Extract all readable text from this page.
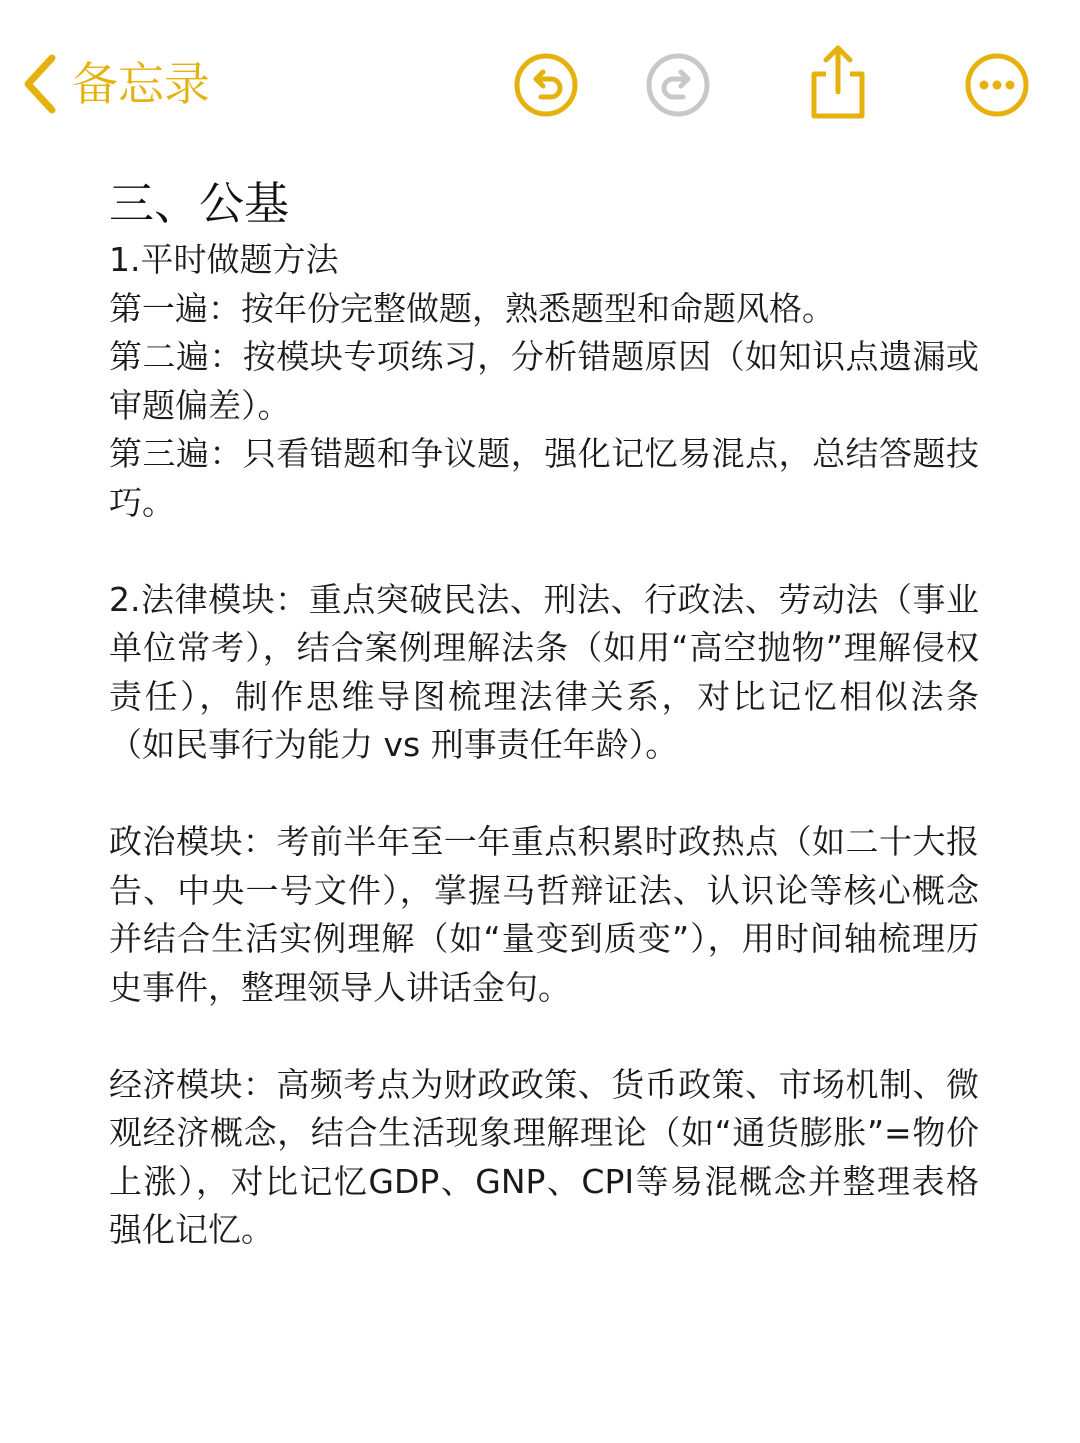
备忘录
三、公基

1.平时做题方法

第一遍：按年份完整做题，熟悉题型和命题风格。

第二遍：按模块专项练习，分析错题原因（如知识点遗漏或审题偏差）。

第三遍：只看错题和争议题，强化记忆易混点，总结答题技巧。

2.法律模块：重点突破民法、刑法、行政法、劳动法（事业单位常考），结合案例理解法条（如用“高空抛物”理解侵权责任），制作思维导图梳理法律关系，对比记忆相似法条（如民事行为能力 vs 刑事责任年龄）。

政治模块：考前半年至一年重点积累时政热点（如二十大报告、中央一号文件），掌握马哲辩证法、认识论等核心概念并结合生活实例理解（如“量变到质变”），用时间轴梳理历史事件，整理领导人讲话金句。

经济模块：高频考点为财政政策、货币政策、市场机制、微观经济概念，结合生活现象理解理论（如“通货膨胀”=物价上涨），对比记忆GDP、GNP、CPI等易混概念并整理表格强化记忆。
